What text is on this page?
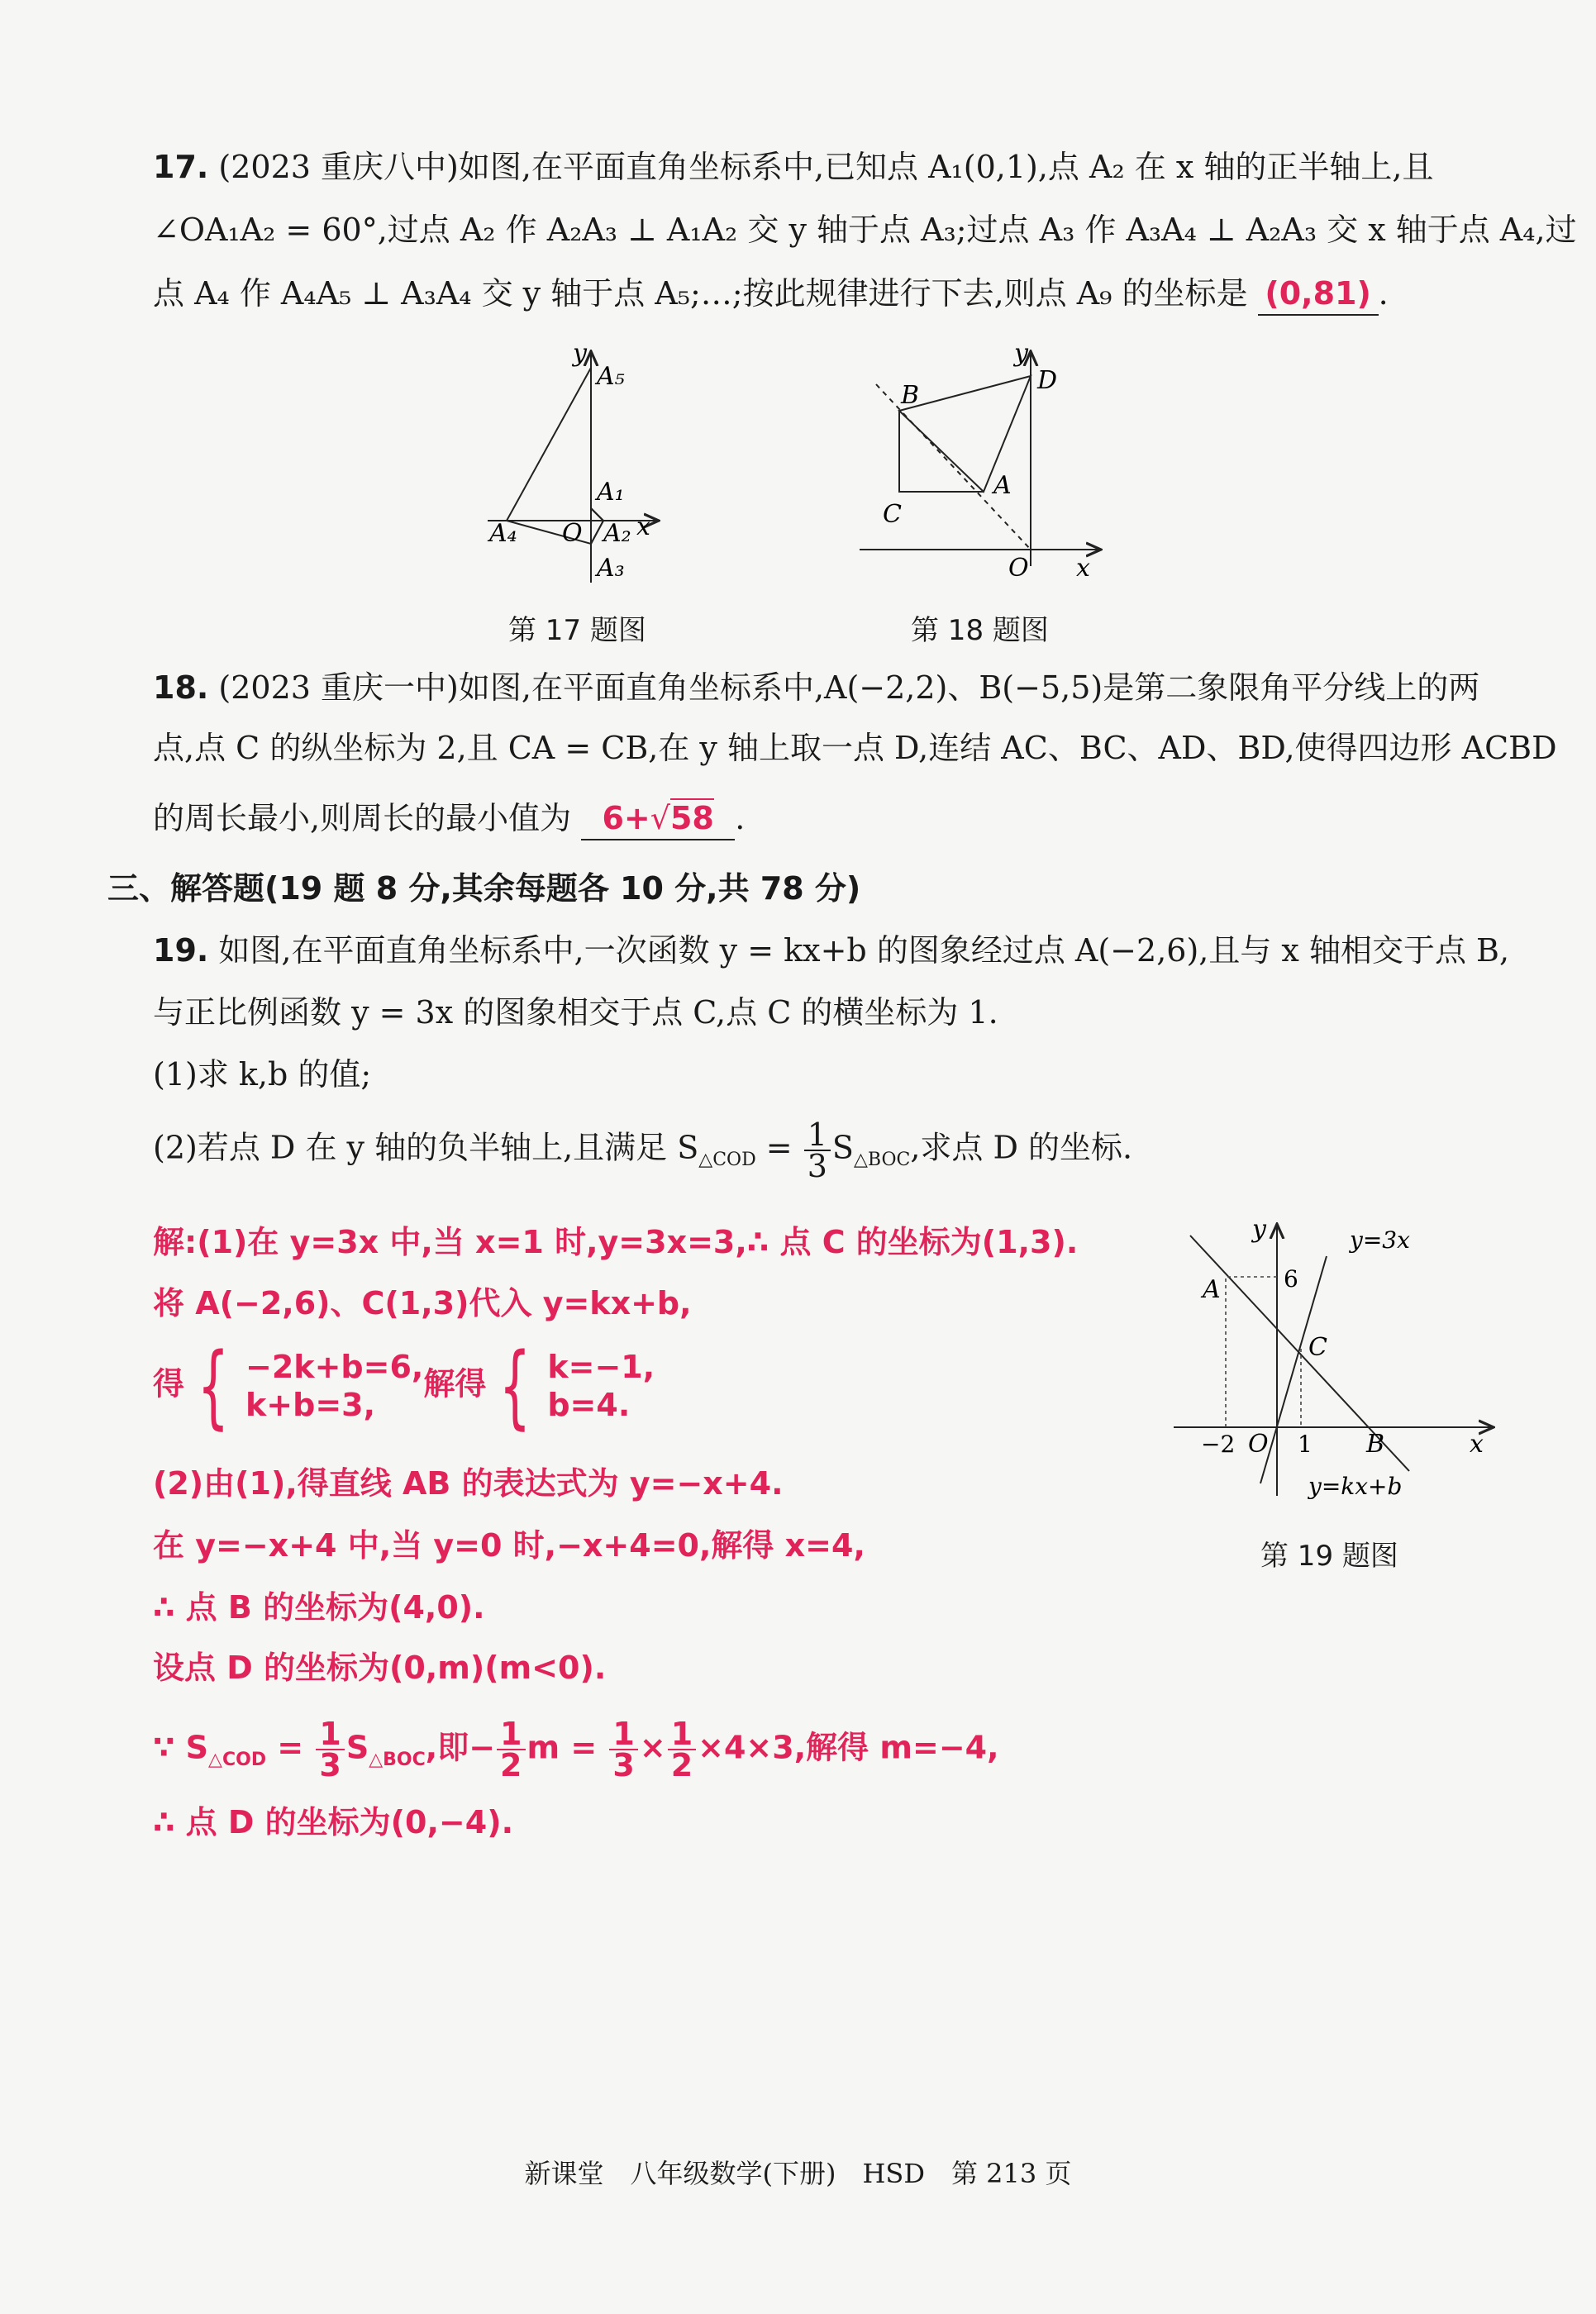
17. (2023 重庆八中)如图,在平面直角坐标系中,已知点 A₁(0,1),点 A₂ 在 x 轴的正半轴上,且
∠OA₁A₂ = 60°,过点 A₂ 作 A₂A₃ ⊥ A₁A₂ 交 y 轴于点 A₃;过点 A₃ 作 A₃A₄ ⊥ A₂A₃ 交 x 轴于点 A₄,过
点 A₄ 作 A₄A₅ ⊥ A₃A₄ 交 y 轴于点 A₅;…;按此规律进行下去,则点 A₉ 的坐标是 (0,81) .
y
A₅
A₁
A₄ O A₂ x
A₃
第 17 题图
y
D
B
A
C
O x
第 18 题图
18. (2023 重庆一中)如图,在平面直角坐标系中,A(−2,2)、B(−5,5)是第二象限角平分线上的两
点,点 C 的纵坐标为 2,且 CA = CB,在 y 轴上取一点 D,连结 AC、BC、AD、BD,使得四边形 ACBD
的周长最小,则周长的最小值为 6+√58 .
三、解答题(19 题 8 分,其余每题各 10 分,共 78 分)
19. 如图,在平面直角坐标系中,一次函数 y = kx+b 的图象经过点 A(−2,6),且与 x 轴相交于点 B,
与正比例函数 y = 3x 的图象相交于点 C,点 C 的横坐标为 1.
(1)求 k,b 的值;
(2)若点 D 在 y 轴的负半轴上,且满足 $S_{\triangle COD} = \frac{1}{3} S_{\triangle BOC}$,求点 D 的坐标.
解:(1)在 y=3x 中,当 x=1 时,y=3x=3,∴ 点 C 的坐标为(1,3).
将 A(−2,6)、C(1,3)代入 y=kx+b,
得 { −2k+b=6,
k+b=3,
解得 { k=−1,
b=4.
(2)由(1),得直线 AB 的表达式为 y=−x+4.
在 y=−x+4 中,当 y=0 时,−x+4=0,解得 x=4,
∴ 点 B 的坐标为(4,0).
设点 D 的坐标为(0,m)(m<0).
∵ $S_{\triangle COD} = \frac{1}{3} S_{\triangle BOC}$,即− $\frac{1}{2}$ $m = \frac{1}{3} \times \frac{1}{2} \times 4\times 3$,解得 m=−4,
∴ 点 D 的坐标为(0,−4).
y	y=3x
6
A
C
−2 O 1 B	x
y=kx+b
第 19 题图
新课堂　八年级数学(下册)　HSD　第 213 页
